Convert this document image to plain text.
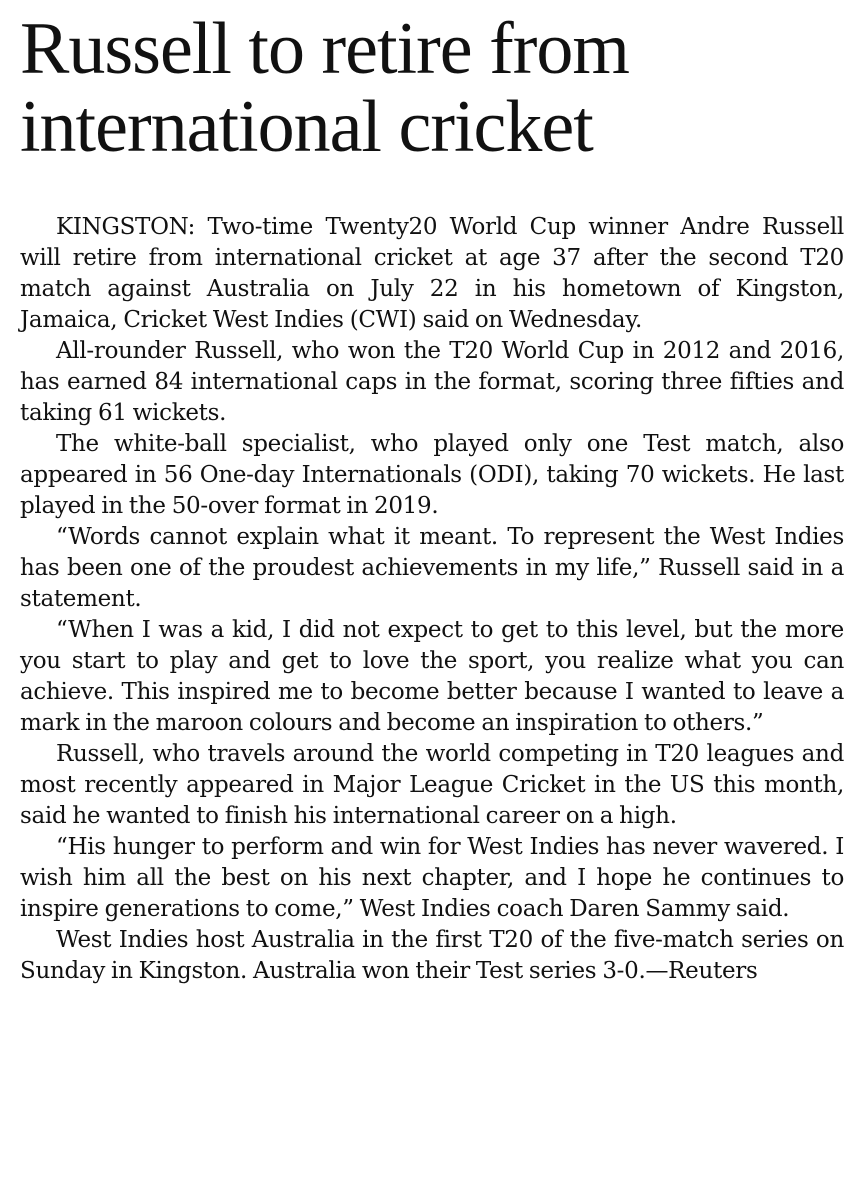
Russell to retire from international cricket

KINGSTON: Two-time Twenty20 World Cup winner Andre Russell will retire from international cricket at age 37 after the second T20 match against Australia on July 22 in his hometown of Kingston, Jamaica, Cricket West Indies (CWI) said on Wednesday.

All-rounder Russell, who won the T20 World Cup in 2012 and 2016, has earned 84 international caps in the format, scoring three fifties and taking 61 wickets.

The white-ball specialist, who played only one Test match, also appeared in 56 One-day Internationals (ODI), taking 70 wickets. He last played in the 50-over format in 2019.

“Words cannot explain what it meant. To represent the West Indies has been one of the proudest achievements in my life,” Russell said in a statement.

“When I was a kid, I did not expect to get to this level, but the more you start to play and get to love the sport, you realize what you can achieve. This inspired me to become better because I wanted to leave a mark in the maroon colours and become an inspiration to others.”

Russell, who travels around the world competing in T20 leagues and most recently appeared in Major League Cricket in the US this month, said he wanted to finish his international career on a high.

“His hunger to perform and win for West Indies has never wavered. I wish him all the best on his next chapter, and I hope he continues to inspire generations to come,” West Indies coach Daren Sammy said.

West Indies host Australia in the first T20 of the five-match series on Sunday in Kingston. Australia won their Test series 3-0.—Reuters
